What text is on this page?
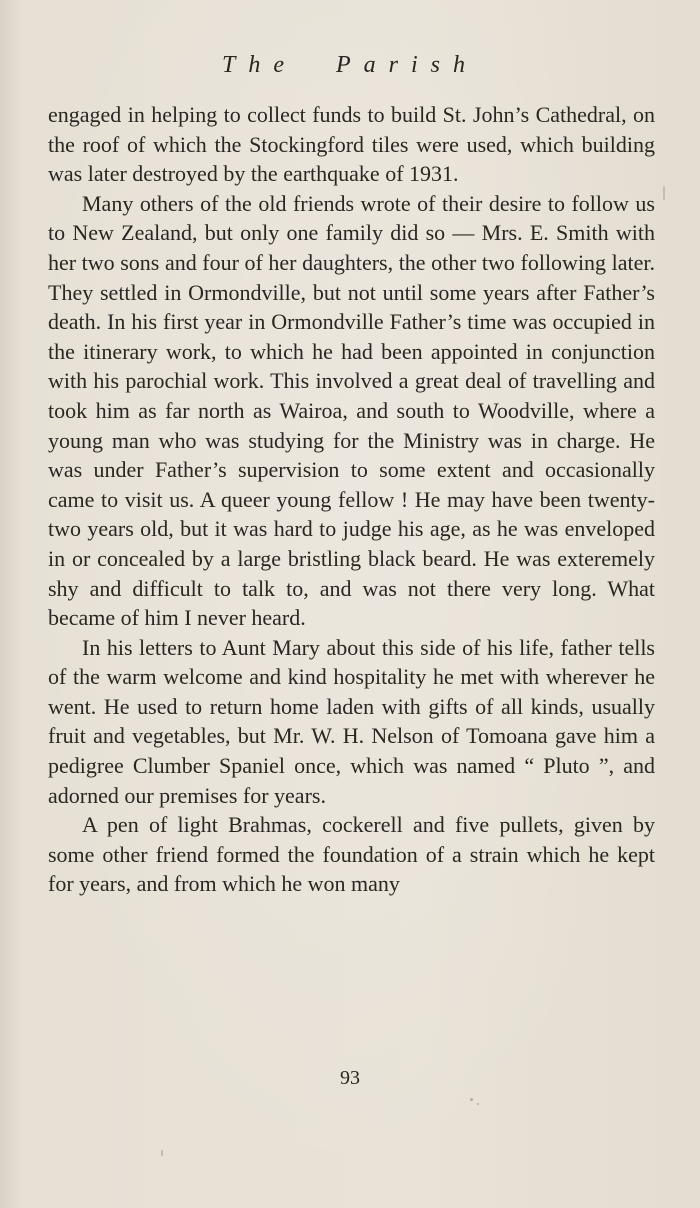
The Parish

engaged in helping to collect funds to build St. John’s Cathedral, on the roof of which the Stockingford tiles were used, which building was later destroyed by the earthquake of 1931.

Many others of the old friends wrote of their desire to follow us to New Zealand, but only one family did so — Mrs. E. Smith with her two sons and four of her daughters, the other two following later. They settled in Ormondville, but not until some years after Father’s death. In his first year in Ormondville Father’s time was occupied in the itinerary work, to which he had been appointed in conjunction with his parochial work. This involved a great deal of travelling and took him as far north as Wairoa, and south to Woodville, where a young man who was studying for the Ministry was in charge. He was under Father’s supervision to some extent and occasionally came to visit us. A queer young fellow ! He may have been twenty-two years old, but it was hard to judge his age, as he was enveloped in or concealed by a large bristling black beard. He was exteremely shy and difficult to talk to, and was not there very long. What became of him I never heard.

In his letters to Aunt Mary about this side of his life, father tells of the warm welcome and kind hospitality he met with wherever he went. He used to return home laden with gifts of all kinds, usually fruit and vegetables, but Mr. W. H. Nelson of Tomoana gave him a pedigree Clumber Spaniel once, which was named “ Pluto ”, and adorned our premises for years.

A pen of light Brahmas, cockerell and five pullets, given by some other friend formed the foundation of a strain which he kept for years, and from which he won many

93
